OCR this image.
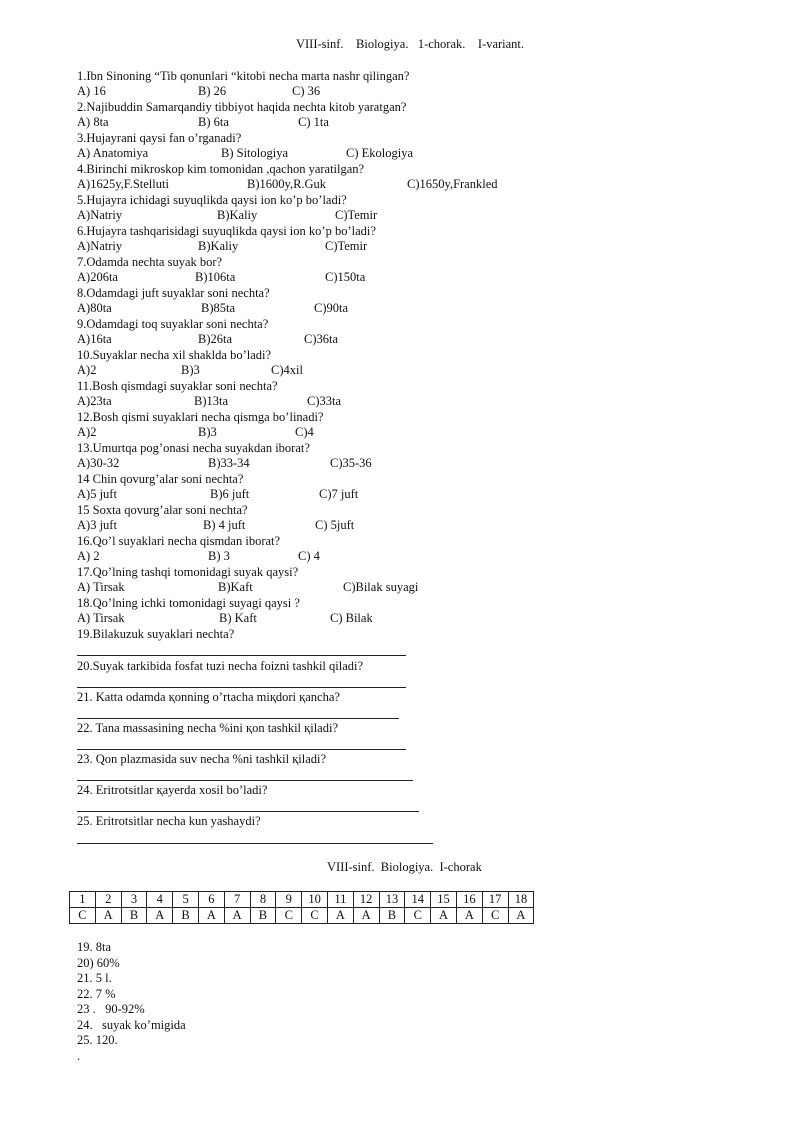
VIII-sinf.    Biologiya.   1-chorak.    I-variant.
1.Ibn Sinoning “Tib qonunlari “kitobi necha marta nashr qilingan?
A) 16	B) 26	C) 36
2.Najibuddin Samarqandiy tibbiyot haqida nechta kitob yaratgan?
A) 8ta	B) 6ta	C) 1ta
3.Hujayrani qaysi fan o’rganadi?
A) Anatomiya	B) Sitologiya	C) Ekologiya
4.Birinchi mikroskop kim tomonidan ,qachon yaratilgan?
A)1625y,F.Stelluti	B)1600y,R.Guk	C)1650y,Frankled
5.Hujayra ichidagi suyuqlikda qaysi ion ko’p bo’ladi?
A)Natriy	B)Kaliy	C)Temir
6.Hujayra tashqarisidagi suyuqlikda qaysi ion ko’p bo’ladi?
A)Natriy	B)Kaliy	C)Temir
7.Odamda nechta suyak bor?
A)206ta	B)106ta	C)150ta
8.Odamdagi juft suyaklar soni nechta?
A)80ta	B)85ta	C)90ta
9.Odamdagi toq suyaklar soni nechta?
A)16ta	B)26ta	C)36ta
10.Suyaklar necha xil shaklda bo’ladi?
A)2	B)3	C)4xil
11.Bosh qismdagi suyaklar soni nechta?
A)23ta	B)13ta	C)33ta
12.Bosh qismi suyaklari necha qismga bo’linadi?
A)2	B)3	C)4
13.Umurtqa pog’onasi necha suyakdan iborat?
A)30-32	B)33-34	C)35-36
14 Chin qovurg’alar soni nechta?
A)5 juft	B)6 juft	C)7 juft
15 Soxta qovurg’alar soni nechta?
A)3 juft	B) 4 juft	C) 5juft
16.Qo’l suyaklari necha qismdan iborat?
A) 2	B) 3	C) 4
17.Qo’lning tashqi tomonidagi suyak qaysi?
A) Tirsak	B)Kaft	C)Bilak suyagi
18.Qo’lning ichki tomonidagi suyagi qaysi ?
A) Tirsak	B) Kaft	C) Bilak
19.Bilakuzuk suyaklari nechta?
20.Suyak tarkibida fosfat tuzi necha foizni tashkil qiladi?
21. Katta odamda қonning o’rtacha miқdori қancha?
22. Tana massasining necha %ini қon tashkil қiladi?
23. Qon plazmasida suv necha %ni tashkil қiladi?
24. Eritrotsitlar қayerda xosil bo’ladi?
25. Eritrotsitlar necha kun yashaydi?
VIII-sinf.  Biologiya.  I-chorak
1	2	3	4	5	6	7	8	9	10	11	12	13	14	15	16	17	18
C	A	B	A	B	A	A	B	C	C	A	A	B	C	A	A	C	A
19. 8ta
20) 60%
21. 5 l.
22. 7 %
23 .   90-92%
24.   suyak ko’migida
25. 120.
.
